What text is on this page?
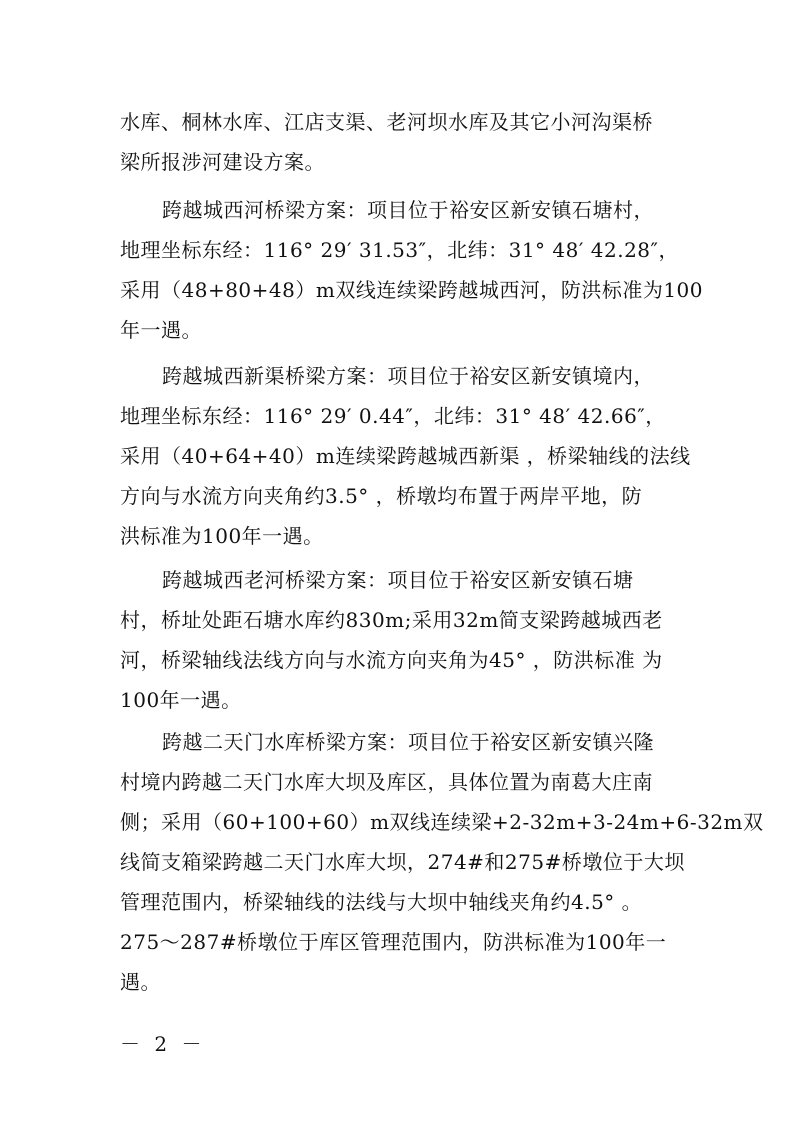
水库、桐林水库、江店支渠、老河坝水库及其它小河沟渠桥
梁所报涉河建设方案。
跨越城西河桥梁方案：项目位于裕安区新安镇石塘村，
地理坐标东经：116° 29′ 31.53″，北纬：31° 48′ 42.28″，
采用（48+80+48）m双线连续梁跨越城西河，防洪标准为100
年一遇。
跨越城西新渠桥梁方案：项目位于裕安区新安镇境内，
地理坐标东经：116° 29′ 0.44″，北纬：31° 48′ 42.66″，
采用（40+64+40）m连续梁跨越城西新渠 ，桥梁轴线的法线
方向与水流方向夹角约3.5° ，桥墩均布置于两岸平地，防
洪标准为100年一遇。
跨越城西老河桥梁方案：项目位于裕安区新安镇石塘
村，桥址处距石塘水库约830m;采用32m简支梁跨越城西老
河，桥梁轴线法线方向与水流方向夹角为45° ，防洪标准 为
100年一遇。
跨越二天门水库桥梁方案：项目位于裕安区新安镇兴隆
村境内跨越二天门水库大坝及库区，具体位置为南葛大庄南
侧；采用（60+100+60）m双线连续梁+2-32m+3-24m+6-32m双
线简支箱梁跨越二天门水库大坝，274#和275#桥墩位于大坝
管理范围内，桥梁轴线的法线与大坝中轴线夹角约4.5° 。
275～287#桥墩位于库区管理范围内，防洪标准为100年一
遇。
－ 2 －
